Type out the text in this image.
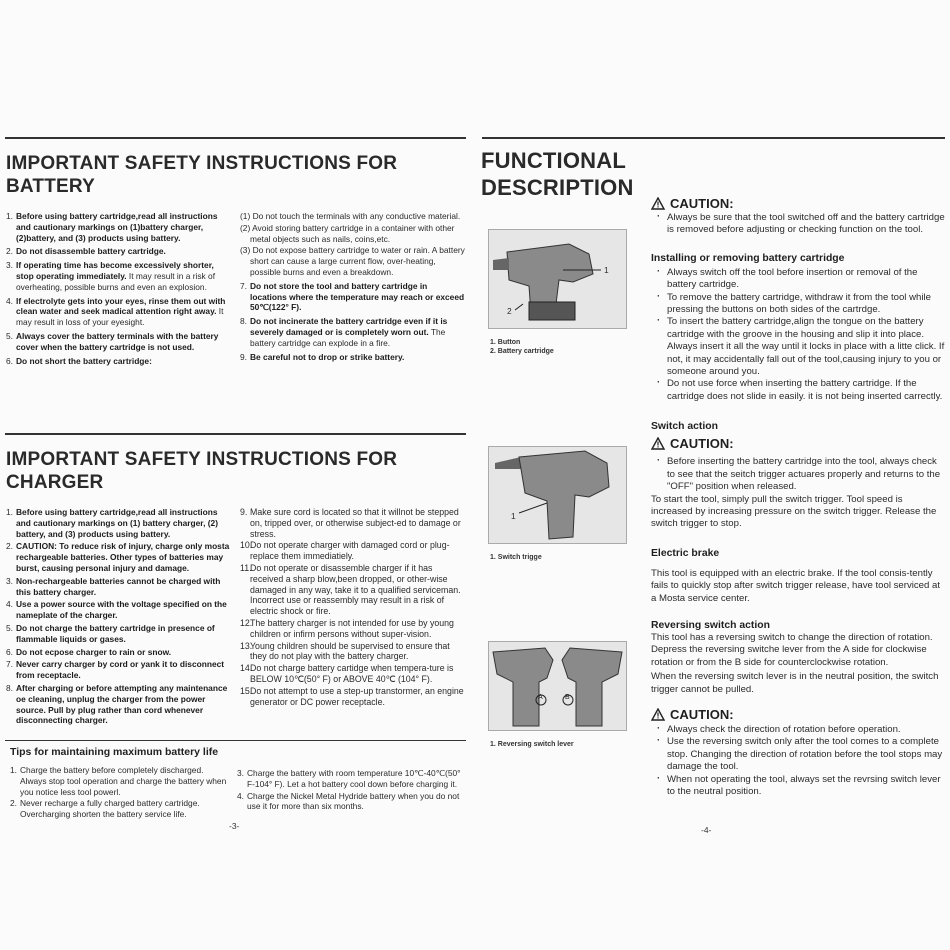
IMPORTANT SAFETY INSTRUCTIONS FOR
BATTERY
1. Before using battery cartridge,read all instructions and cautionary markings on (1)battery charger, (2)battery, and (3) products using battery.
2. Do not disassemble battery cartridge.
3. If operating time has become excessively shorter, stop operating immediately. It may result in a risk of overheating, possible burns and even an explosion.
4. If electrolyte gets into your eyes, rinse them out with clean water and seek madical attention right away. It may result in loss of your eyesight.
5. Always cover the battery terminals with the battery cover when the battery cartridge is not used.
6. Do not short the battery cartridge:
(1) Do not touch the terminals with any conductive material.
(2) Avoid storing battery cartridge in a container with other metal objects such as nails, coins,etc.
(3) Do not expose battery cartridge to water or rain. A battery short can cause a large current flow, over-heating, possible burns and even a breakdown.
7. Do not store the tool and battery cartridge in locations where the temperature may reach or exceed 50℃(122° F).
8. Do not incinerate the battery cartridge even if it is severely damaged or is completely worn out. The battery cartridge can explode in a fire.
9. Be careful not to drop or strike battery.
IMPORTANT SAFETY INSTRUCTIONS FOR
CHARGER
1. Before using battery cartridge,read all instructions and cautionary markings on (1) battery charger, (2) battery, and (3) products using battery.
2. CAUTION: To reduce risk of injury, charge only mosta rechargeable batteries. Other types of batteries may burst, causing personal injury and damage.
3. Non-rechargeable batteries cannot be charged with this battery charger.
4. Use a power source with the voltage specified on the nameplate of the charger.
5. Do not charge the battery cartridge in presence of flammable liquids or gases.
6. Do not ecpose charger to rain or snow.
7. Never carry charger by cord or yank it to disconnect from receptacle.
8. After charging or before attempting any maintenance oe cleaning, unplug the charger from the power source. Pull by plug rather than cord whenever disconnecting charger.
9. Make sure cord is located so that it willnot be stepped on, tripped over, or otherwise subject-ed to damage or stress.
10.Do not operate charger with damaged cord or plug-replace them immediatiely.
11.Do not operate or disassemble charger if it has received a sharp blow,been dropped, or other-wise damaged in any way, take it to a qualified serviceman. Incorrect use or reassembly may result in a risk of electric shock or fire.
12.The battery charger is not intended for use by young children or infirm persons without super-vision.
13.Young children should be supervised to ensure that they do not play with the battery charger.
14.Do not charge battery cartidge when tempera-ture is BELOW 10℃(50° F) or ABOVE 40℃ (104° F).
15.Do not attempt to use a step-up transtormer, an engine generator or DC power receptacle.
Tips for maintaining maximum battery life
1. Charge the battery before completely discharged. Always stop tool operation and charge the battery when you notice less tool powerl.
2. Never recharge a fully charged battery cartridge. Overcharging shorten the battery service life.
3. Charge the battery with room temperature 10℃-40℃(50° F-104° F). Let a hot battery cool down before charging it.
4. Charge the Nickel Metal Hydride battery when you do not use it for more than six months.
-3-
FUNCTIONAL
DESCRIPTION
1
2
1. Button
2. Battery cartridge
1
1. Switch trigge
A	B
1. Reversing switch lever
CAUTION:
· Always be sure that the tool switched off and the battery cartridge is removed before adjusting or checking function on the tool.
Installing or removing battery cartridge
· Always switch off the tool before insertion or removal of the battery cartridge.
· To remove the battery cartridge, withdraw it from the tool while pressing the buttons on both sides of the cartrdge.
· To insert the battery cartridge,align the tongue on the battery cartridge with the groove in the housing and slip it into place. Always insert it all the way until it locks in place with a litte click. If not, it may accidentally fall out of the tool,causing injury to you or someone around you.
· Do not use force when inserting the battery cartridge. If the cartridge does not slide in easily. it is not being inserted carrectly.
Switch action
CAUTION:
· Before inserting the battery cartridge into the tool, always check to see that the seitch trigger actuares properly and returns to the "OFF" position when released.
To start the tool, simply pull the switch trigger. Tool speed is increased by increasing pressure on the switch trigger. Release the switch trigger to stop.
Electric brake
This tool is equipped with an electric brake. If the tool consis-tently fails to quickly stop after switch trigger release, have tool serviced at a Mosta service center.
Reversing switch action
This tool has a reversing switch to change the direction of rotation. Depress the reversing switche lever from the A side for clockwise rotation or from the B side for counterclockwise rotation.
When the reversing switch lever is in the neutral position, the switch trigger cannot be pulled.
CAUTION:
· Always check the direction of rotation before operation.
· Use the reversing switch only after the tool comes to a complete stop. Changing the direction of rotation before the tool stops may damage the tool.
· When not operating the tool, always set the revrsing switch lever to the neutral position.
-4-
